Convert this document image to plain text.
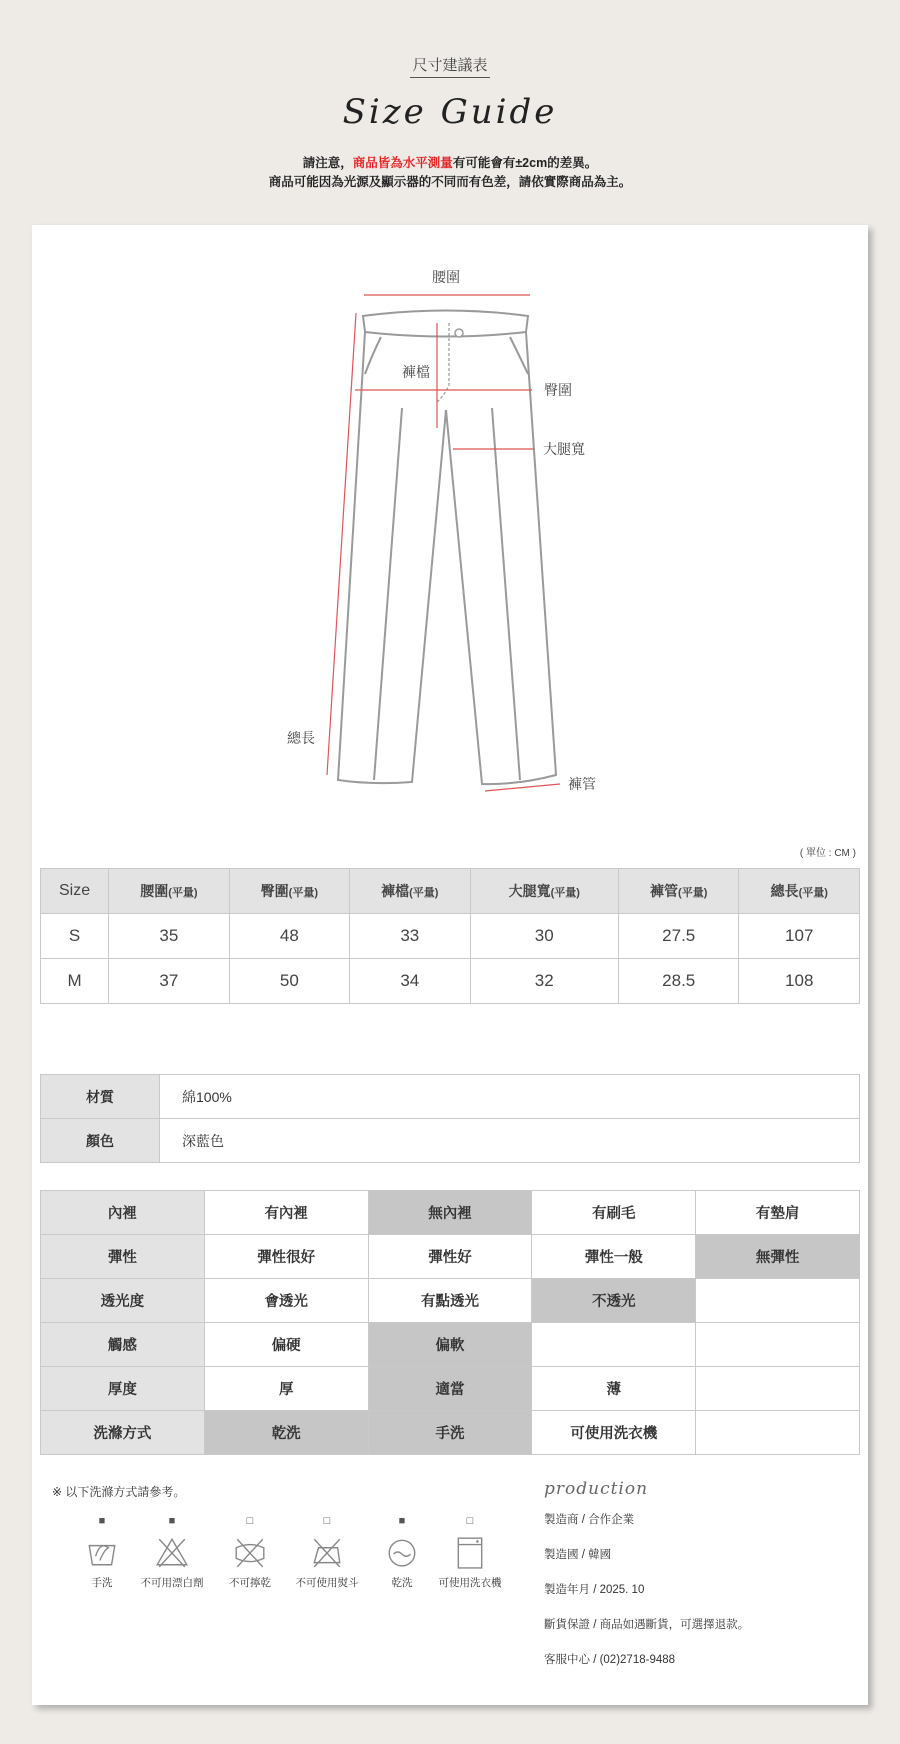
尺寸建議表
Size Guide
請注意，商品皆為水平測量有可能會有±2cm的差異。
商品可能因為光源及顯示器的不同而有色差，請依實際商品為主。
腰圍
褲檔
臀圍
大腿寬
總長
褲管
( 單位 : CM )
Size	腰圍(平量)	臀圍(平量)	褲檔(平量)	大腿寬(平量)	褲管(平量)	總長(平量)
S	35	48	33	30	27.5	107
M	37	50	34	32	28.5	108
材質	綿100%
顏色	深藍色
內裡	有內裡	無內裡	有刷毛	有墊肩
彈性	彈性很好	彈性好	彈性一般	無彈性
透光度	會透光	有點透光	不透光	
觸感	偏硬	偏軟		
厚度	厚	適當	薄	
洗滌方式	乾洗	手洗	可使用洗衣機	
※ 以下洗滌方式請參考。
■
手洗
■
不可用漂白劑
□
不可擰乾
□
不可使用熨斗
■
乾洗
□
可使用洗衣機
production
製造商 / 合作企業
製造國 / 韓國
製造年月 / 2025. 10
斷貨保證 / 商品如遇斷貨，可選擇退款。
客服中心 / (02)2718-9488
